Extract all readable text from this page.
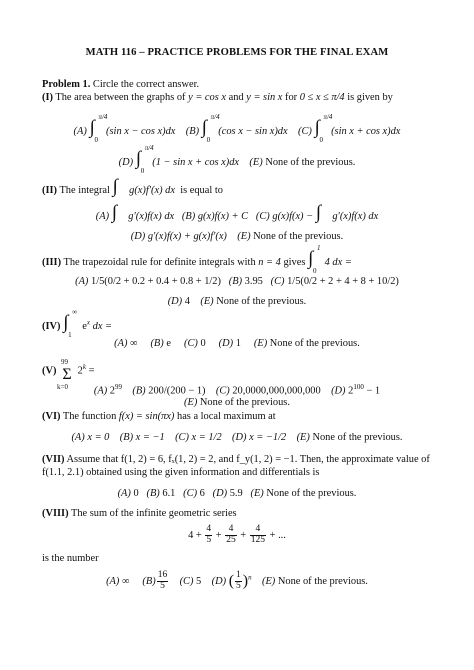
MATH 116 – PRACTICE PROBLEMS FOR THE FINAL EXAM
Problem 1. Circle the correct answer.
(I) The area between the graphs of y = cos x and y = sin x for 0 ≤ x ≤ π/4 is given by
(A) ∫ π/4
0
(sin x − cos x)dx (B) ∫ π/4
0
(cos x − sin x)dx (C) ∫ π/4
0
(sin x + cos x)dx
(D) ∫ π/4
0
(1 − sin x + cos x)dx (E) None of the previous.
(II) The integral ∫ g(x)f′(x) dx is equal to
(A) ∫ g′(x)f(x) dx (B) g(x)f(x) + C (C) g(x)f(x) − ∫ g′(x)f(x) dx
(D) g′(x)f(x) + g(x)f′(x) (E) None of the previous.
(III) The trapezoidal rule for definite integrals with n = 4 gives ∫ 1
0
4 dx =
(A) 1/5(0/2 + 0.2 + 0.4 + 0.8 + 1/2) (B) 3.95 (C) 1/5(0/2 + 2 + 4 + 8 + 10/2)
(D) 4 (E) None of the previous.
(IV) ∫ ∞
1
$e^x$ dx =
(A) ∞ (B) e (C) 0 (D) 1 (E) None of the previous.
(V)
99
Σ
k=0
$2^k$ =
(A) $2^{99}$ (B) 200/(200 − 1) (C) 20,0000,000,000,000 (D) $2^{100} - 1$
(E) None of the previous.
(VI) The function f(x) = sin(πx) has a local maximum at
(A) x = 0 (B) x = −1 (C) x = 1/2 (D) x = −1/2 (E) None of the previous.
(VII) Assume that f(1, 2) = 6, fₓ(1, 2) = 2, and f_y(1, 2) = −1. Then, the approximate value of
f(1.1, 2.1) obtained using the given information and differentials is
(A) 0 (B) 6.1 (C) 6 (D) 5.9 (E) None of the previous.
(VIII) The sum of the infinite geometric series
$4 + \frac{4}{5} + \frac{4}{25} + \frac{4}{125}$ + ...
is the number
(A) ∞ $(B) \frac{16}{5} (C)$ 5 (D) ( $\frac{1}{5} )^n$ (E) None of the previous.
